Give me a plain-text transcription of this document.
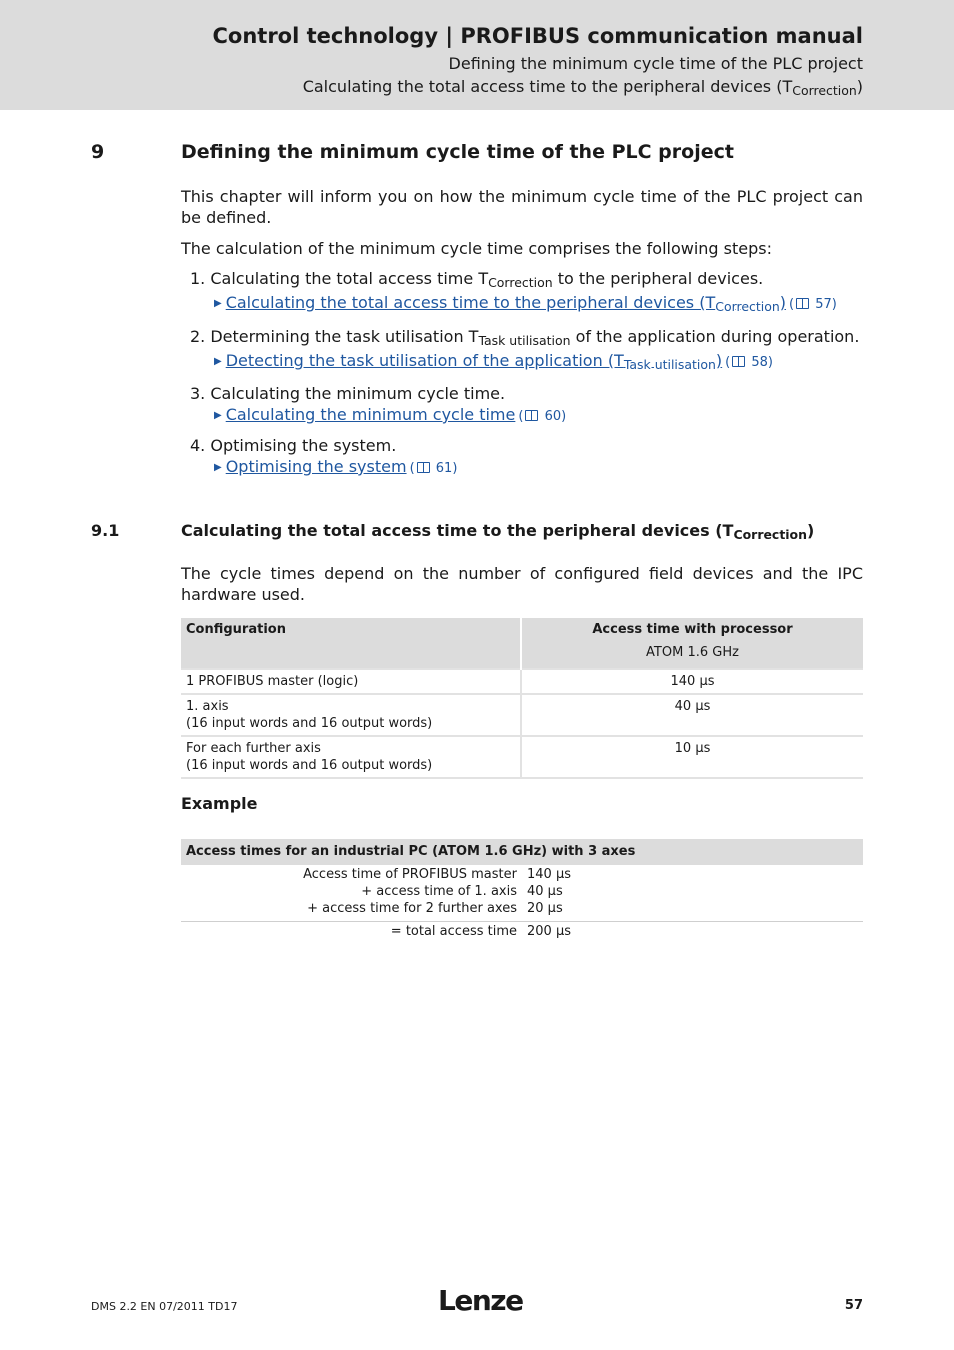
Control technology | PROFIBUS communication manual
Defining the minimum cycle time of the PLC project
Calculating the total access time to the peripheral devices $(T_{Correction})$
9	Defining the minimum cycle time of the PLC project
This chapter will inform you on how the minimum cycle time of the PLC project can be defined.
The calculation of the minimum cycle time comprises the following steps:
1. Calculating the total access time $T_{Correction}$ to the peripheral devices.
▶ Calculating the total access time to the peripheral devices $(T_{Correction})$ ( 57)
2. Determining the task utilisation $T_{Task utilisation}$ of the application during operation.
▶ Detecting the task utilisation of the application $(T_{Task utilisation})$ ( 58)
3. Calculating the minimum cycle time.
▶ Calculating the minimum cycle time ( 60)
4. Optimising the system.
▶ Optimising the system ( 61)
9.1	Calculating the total access time to the peripheral devices $(T_{Correction})$
The cycle times depend on the number of configured field devices and the IPC hardware used.
Configuration	Access time with processor
ATOM 1.6 GHz

1 PROFIBUS master (logic)	140 µs

1. axis
(16 input words and 16 output words)	40 µs

For each further axis
(16 input words and 16 output words)	10 µs
Example
Access times for an industrial PC (ATOM 1.6 GHz) with 3 axes
Access time of PROFIBUS master 140 µs
+ access time of 1. axis 40 µs
+ access time for 2 further axes 20 µs
= total access time 200 µs
DMS 2.2 EN 07/2011 TD17	Lenze	57
